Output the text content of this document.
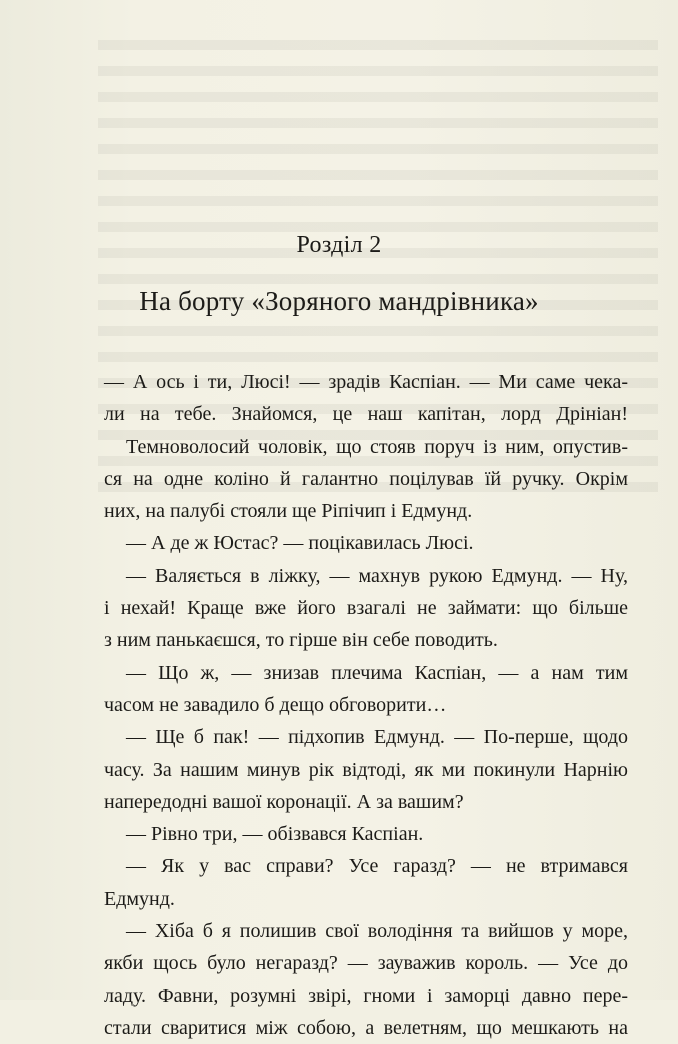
Розділ 2
На борту «Зоряного мандрівника»
— А ось і ти, Люсі! — зрадів Каспіан. — Ми саме чека-
ли на тебе. Знайомся, це наш капітан, лорд Дрініан!
Темноволосий чоловік, що стояв поруч із ним, опустив-
ся на одне коліно й галантно поцілував їй ручку. Окрім
них, на палубі стояли ще Ріпічип і Едмунд.
— А де ж Юстас? — поцікавилась Люсі.
— Валяється в ліжку, — махнув рукою Едмунд. — Ну,
і нехай! Краще вже його взагалі не займати: що більше
з ним панькаєшся, то гірше він себе поводить.
— Що ж, — знизав плечима Каспіан, — а нам тим
часом не завадило б дещо обговорити…
— Ще б пак! — підхопив Едмунд. — По-перше, щодо
часу. За нашим минув рік відтоді, як ми покинули Нарнію
напередодні вашої коронації. А за вашим?
— Рівно три, — обізвався Каспіан.
— Як у вас справи? Усе гаразд? — не втримався
Едмунд.
— Хіба б я полишив свої володіння та вийшов у море,
якби щось було негаразд? — зауважив король. — Усе до
ладу. Фавни, розумні звірі, гноми і заморці давно пере-
стали сваритися між собою, а велетням, що мешкають на
